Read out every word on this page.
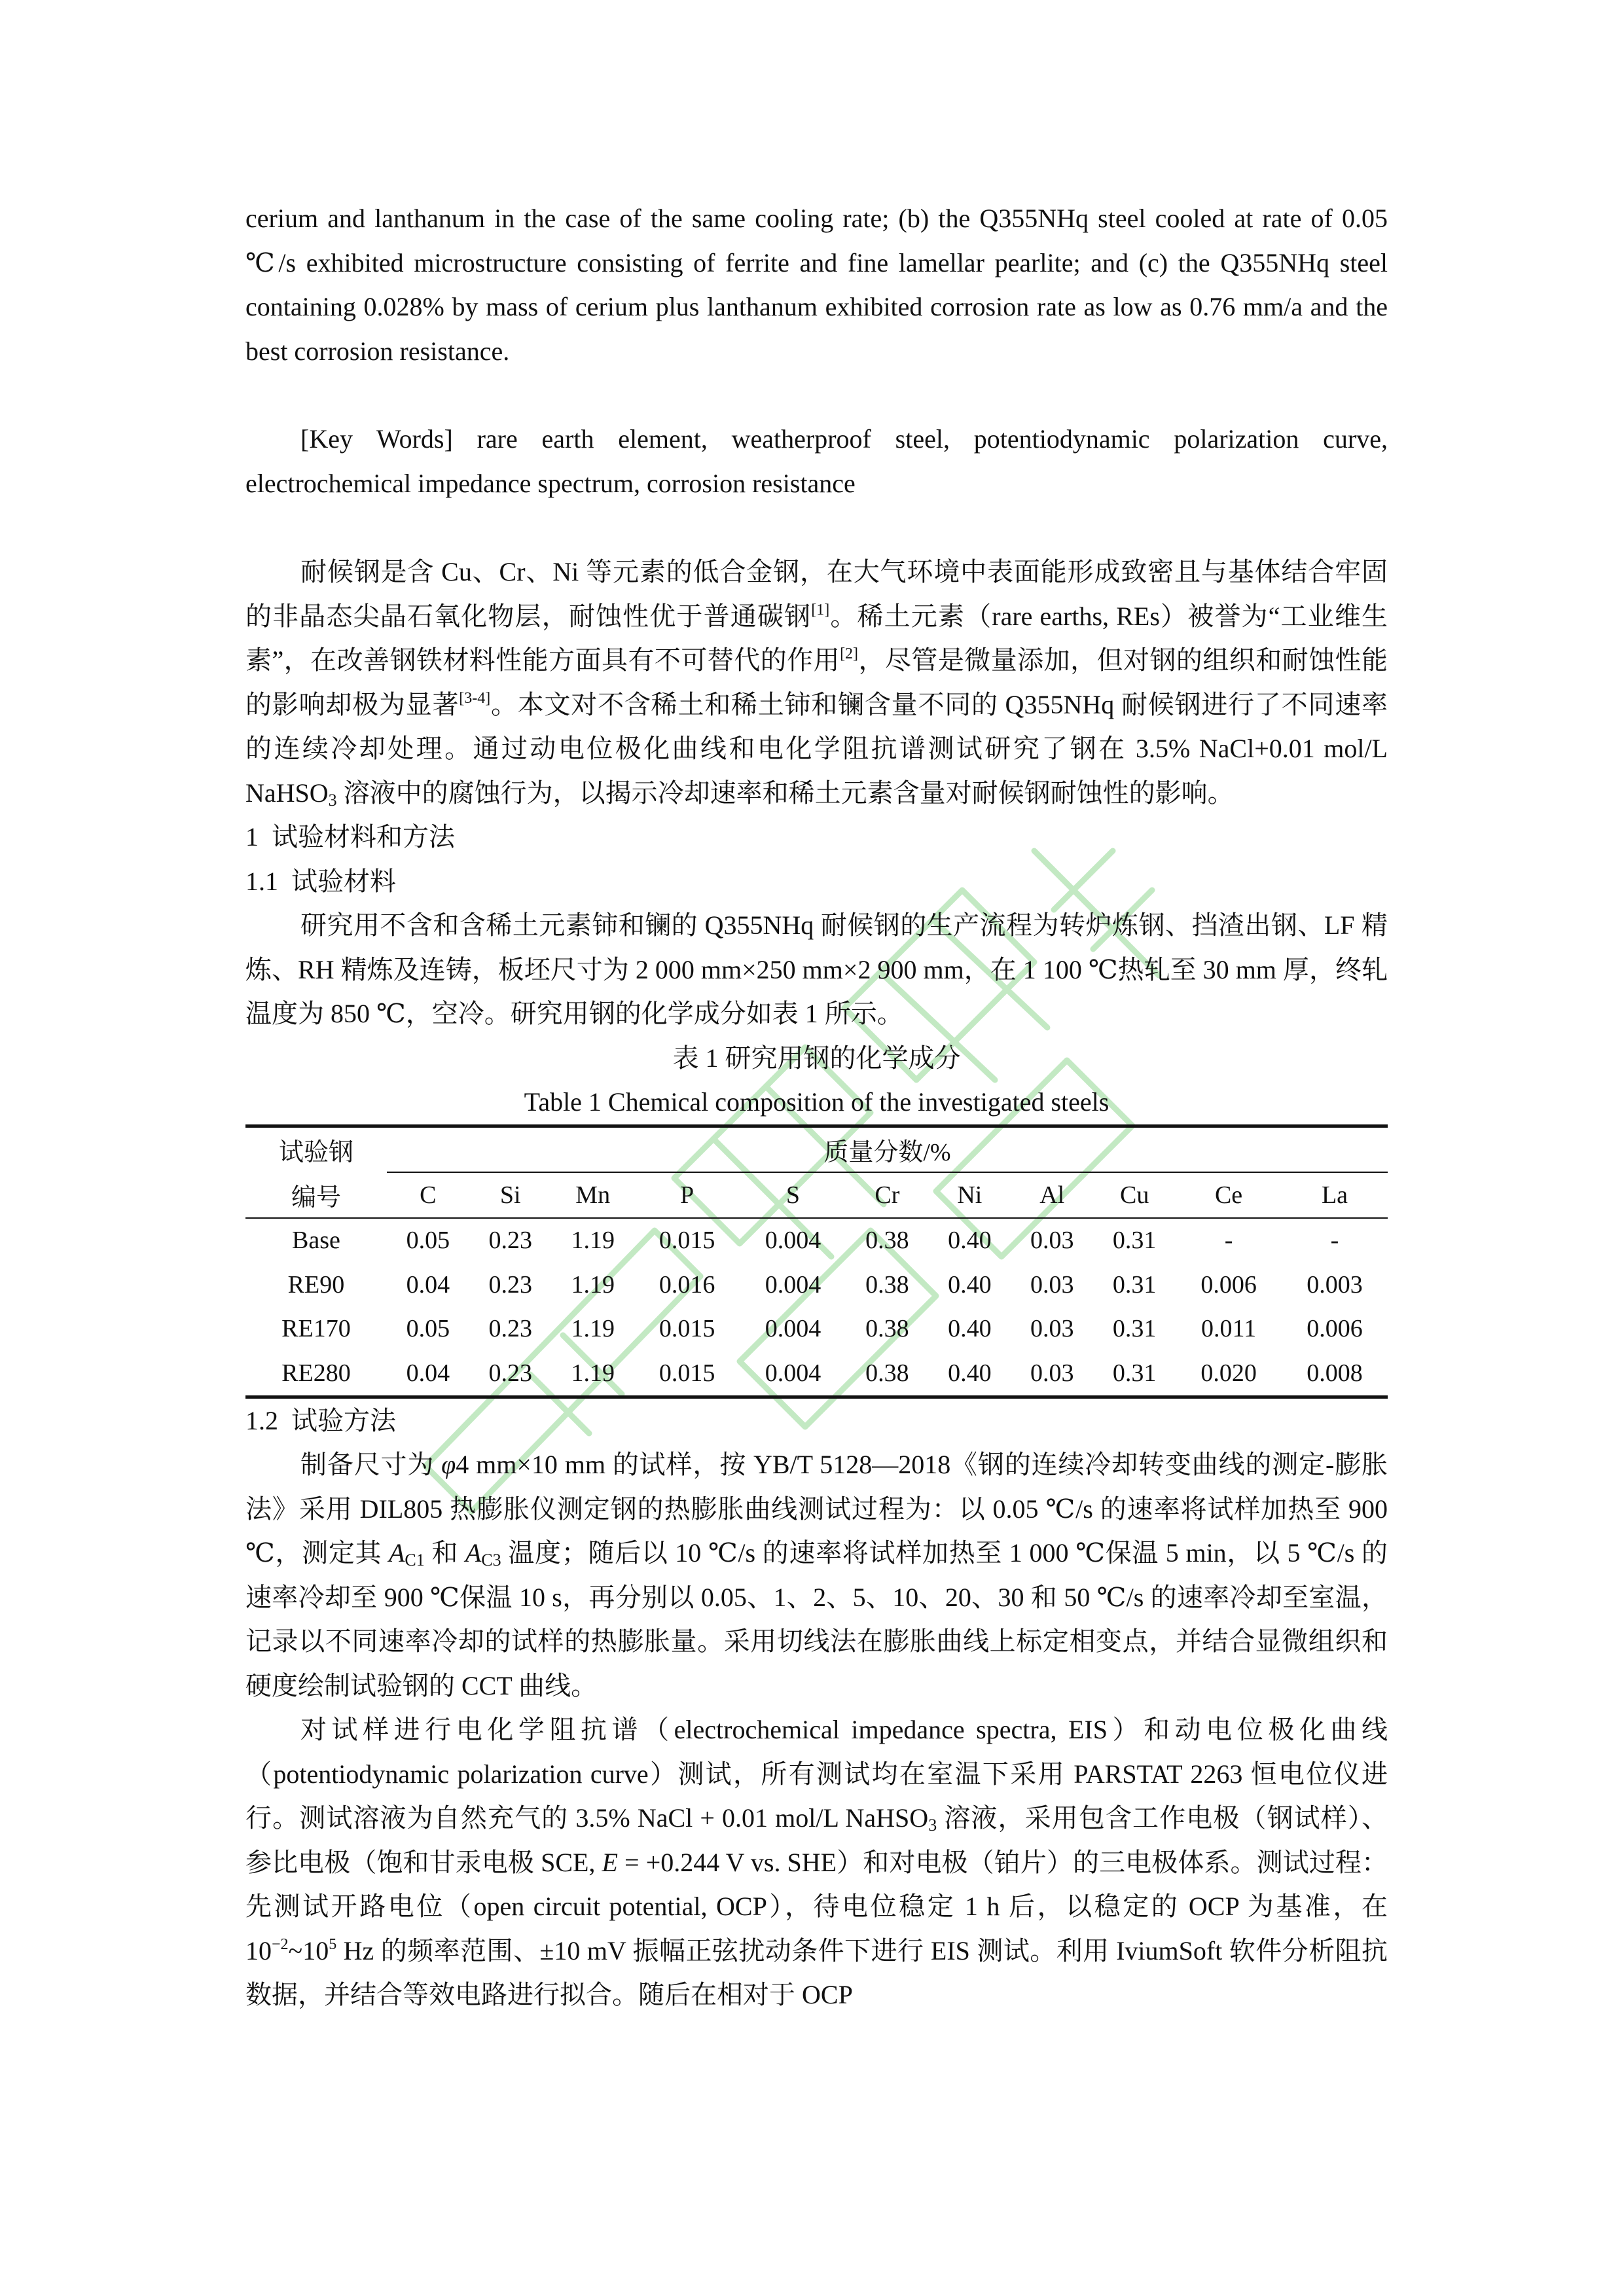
cerium and lanthanum in the case of the same cooling rate; (b) the Q355NHq steel cooled at rate of 0.05 ℃/s exhibited microstructure consisting of ferrite and fine lamellar pearlite; and (c) the Q355NHq steel containing 0.028% by mass of cerium plus lanthanum exhibited corrosion rate as low as 0.76 mm/a and the best corrosion resistance.

[Key Words] rare earth element, weatherproof steel, potentiodynamic polarization curve, electrochemical impedance spectrum, corrosion resistance

耐候钢是含 Cu、Cr、Ni 等元素的低合金钢，在大气环境中表面能形成致密且与基体结合牢固的非晶态尖晶石氧化物层，耐蚀性优于普通碳钢[1]。稀土元素（rare earths, REs）被誉为“工业维生素”，在改善钢铁材料性能方面具有不可替代的作用[2]，尽管是微量添加，但对钢的组织和耐蚀性能的影响却极为显著[3-4]。本文对不含稀土和稀土铈和镧含量不同的 Q355NHq 耐候钢进行了不同速率的连续冷却处理。通过动电位极化曲线和电化学阻抗谱测试研究了钢在 3.5% NaCl+0.01 mol/L NaHSO$_3$ 溶液中的腐蚀行为，以揭示冷却速率和稀土元素含量对耐候钢耐蚀性的影响。

1  试验材料和方法

1.1  试验材料

研究用不含和含稀土元素铈和镧的 Q355NHq 耐候钢的生产流程为转炉炼钢、挡渣出钢、LF 精炼、RH 精炼及连铸，板坯尺寸为 2 000 mm×250 mm×2 900 mm，在 1 100 ℃热轧至 30 mm 厚，终轧温度为 850 ℃，空冷。研究用钢的化学成分如表 1 所示。

表 1 研究用钢的化学成分

Table 1 Chemical composition of the investigated steels

试验钢	质量分数/%										
编号	C	Si	Mn	P	S	Cr	Ni	Al	Cu	Ce	La
Base	0.05	0.23	1.19	0.015	0.004	0.38	0.40	0.03	0.31	-	-
RE90	0.04	0.23	1.19	0.016	0.004	0.38	0.40	0.03	0.31	0.006	0.003
RE170	0.05	0.23	1.19	0.015	0.004	0.38	0.40	0.03	0.31	0.011	0.006
RE280	0.04	0.23	1.19	0.015	0.004	0.38	0.40	0.03	0.31	0.020	0.008

1.2  试验方法

制备尺寸为 φ4 mm×10 mm 的试样，按 YB/T 5128—2018《钢的连续冷却转变曲线的测定-膨胀法》采用 DIL805 热膨胀仪测定钢的热膨胀曲线测试过程为：以 0.05 ℃/s 的速率将试样加热至 900 ℃，测定其 $A_{C1}$ 和 $A_{C3}$ 温度；随后以 10 ℃/s 的速率将试样加热至 1 000 ℃保温 5 min，以 5 ℃/s 的速率冷却至 900 ℃保温 10 s，再分别以 0.05、1、2、5、10、20、30 和 50 ℃/s 的速率冷却至室温，记录以不同速率冷却的试样的热膨胀量。采用切线法在膨胀曲线上标定相变点，并结合显微组织和硬度绘制试验钢的 CCT 曲线。

对试样进行电化学阻抗谱（electrochemical impedance spectra, EIS）和动电位极化曲线（potentiodynamic polarization curve）测试，所有测试均在室温下采用 PARSTAT 2263 恒电位仪进行。测试溶液为自然充气的 3.5% NaCl + 0.01 mol/L NaHSO$_3$ 溶液，采用包含工作电极（钢试样）、参比电极（饱和甘汞电极 SCE, E = +0.244 V vs. SHE）和对电极（铂片）的三电极体系。测试过程：先测试开路电位（open circuit potential, OCP），待电位稳定 1 h 后，以稳定的 OCP 为基准，在 $10^{-2}\sim 10^5$ Hz 的频率范围、±10 mV 振幅正弦扰动条件下进行 EIS 测试。利用 IviumSoft 软件分析阻抗数据，并结合等效电路进行拟合。随后在相对于 OCP
